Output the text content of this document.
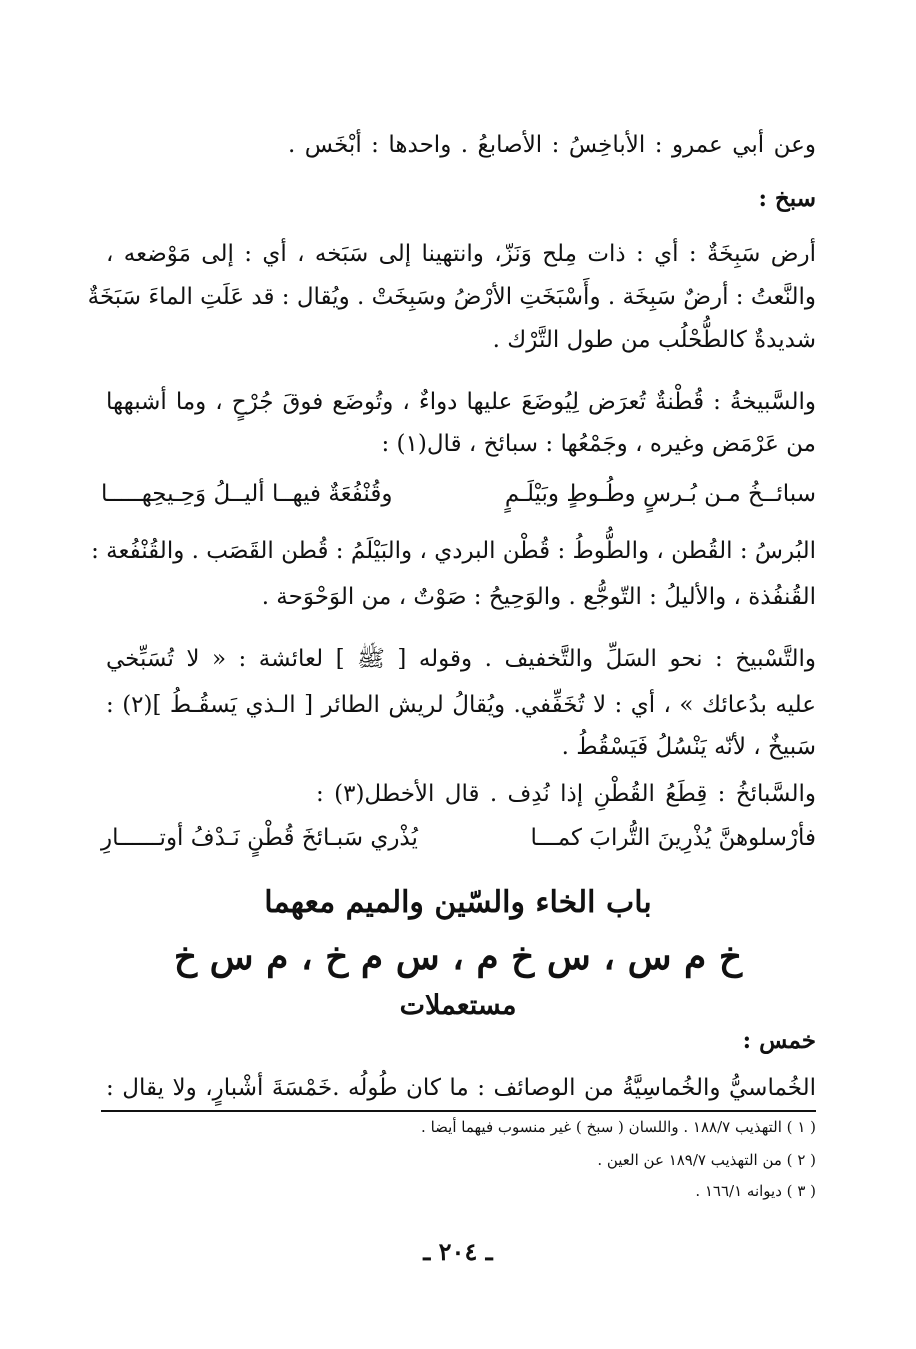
وعن أبي عمرو : الأباخِسُ : الأصابعُ . واحدها : أبْخَس .
سبخ :
أرض سَبِخَةٌ : أي : ذات مِلح وَنَزّ، وانتهينا إلى سَبَخه ، أي : إلى مَوْضعه ،
والنَّعتُ : أرضٌ سَبِخَة . وأَسْبَخَتِ الأرْضُ وسَبِخَتْ . ويُقال : قد عَلَتِ الماءَ سَبَخَةٌ
شديدةٌ كالطُّحْلُب من طول التَّرْك .
والسَّبيخةُ : قُطْنةٌ تُعرَض لِيُوضَعَ عليها دواءٌ ، وتُوضَع فوقَ جُرْحٍ ، وما أشبهها
من عَرْمَض وغيره ، وجَمْعُها : سبائخ ، قال(١) :
سبائــخُ مـن بُـرسٍ وطُـوطٍ وبَيْلَـمٍ
وقُنْفُعَةٌ فيهــا أليــلُ وَحِـيحِهـــــا
البُرسُ : القُطن ، والطُّوطُ : قُطْن البردي ، والبَيْلَمُ : قُطن القَصَب . والقُنْفُعة :
القُنفُذة ، والأليلُ : التّوجُّع . والوَحِيحُ : صَوْتٌ ، من الوَحْوَحة .
والتَّسْبيخ : نحو السَلِّ والتَّخفيف . وقوله [ ﷺ ] لعائشة : « لا تُسَبِّخي
عليه بدُعائك » ، أي : لا تُخَفِّفي. ويُقالُ لريش الطائر [ الـذي يَسقُـطُ ](٢) :
سَبيخٌ ، لأنّه يَنْسُلُ فَيَسْقُطُ .
والسَّبائخُ : قِطَعُ القُطْنِ إذا نُدِف . قال الأخطل(٣) :
فأرْسلوهنَّ يُذْرِينَ التُّرابَ كمـــا
يُذْري سَبـائخَ قُطْنٍ نَـدْفُ أوتــــــارِ
باب الخاء والسّين والميم معهما
خ م س ، س خ م ، س م خ ، م س خ
مستعملات
خمس :
الخُماسيُّ والخُماسِيَّةُ من الوصائف : ما كان طُولُه .خَمْسَةَ أشْبارٍ، ولا يقال :
( ١ ) التهذيب ١٨٨/٧ . واللسان ( سبخ ) غير منسوب فيهما أيضا .
( ٢ ) من التهذيب ١٨٩/٧ عن العين .
( ٣ ) ديوانه ١٦٦/١ .
ـ ٢٠٤ ـ
